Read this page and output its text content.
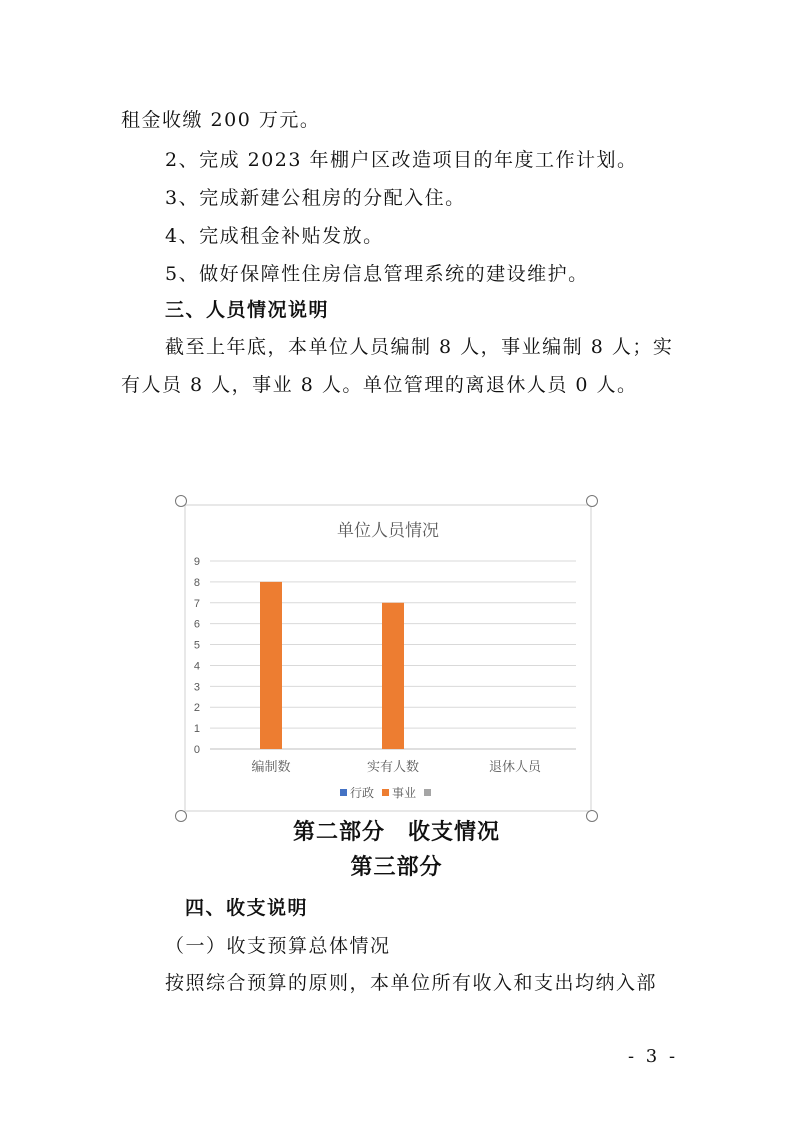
租金收缴 200 万元。
2、完成 2023 年棚户区改造项目的年度工作计划。
3、完成新建公租房的分配入住。
4、完成租金补贴发放。
5、做好保障性住房信息管理系统的建设维护。
三、人员情况说明
截至上年底，本单位人员编制 8 人，事业编制 8 人；实
有人员 8 人，事业 8 人。单位管理的离退休人员 0 人。
第二部分　收支情况
第三部分
单位人员情况
0
1
2
3
4
5
6
7
8
9
编制数	实有人数	退休人员
行政 事业
四、收支说明
（一）收支预算总体情况
按照综合预算的原则，本单位所有收入和支出均纳入部
- 3 -
